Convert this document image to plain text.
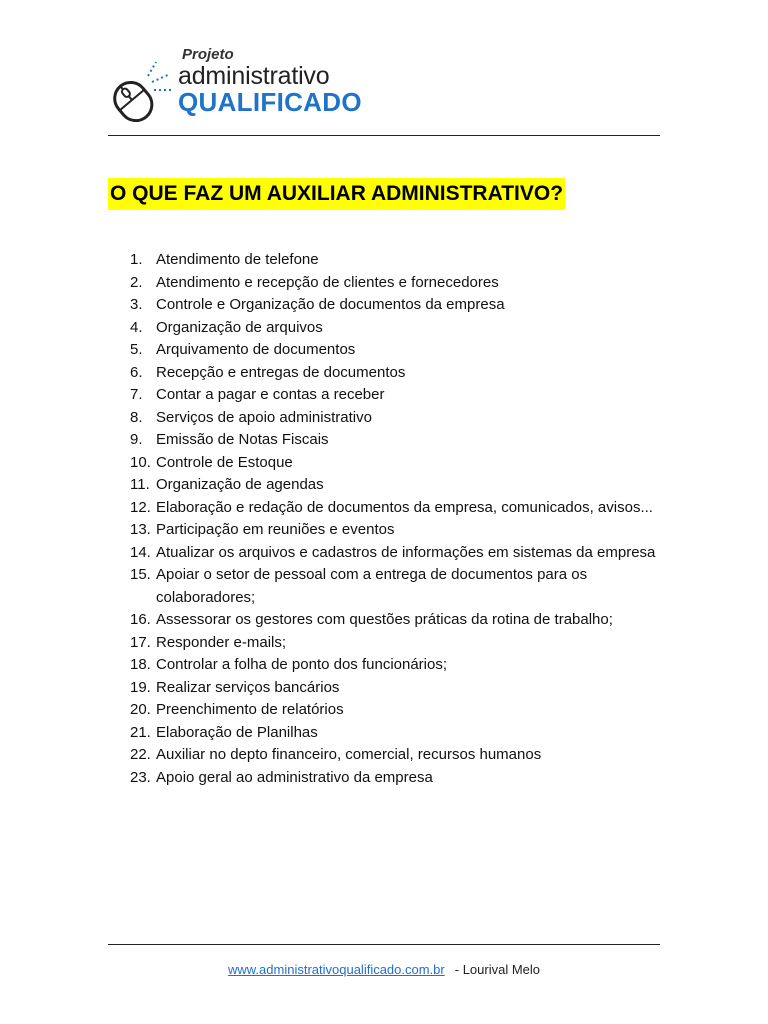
Projeto
administrativo
QUALIFICADO
O QUE FAZ UM AUXILIAR ADMINISTRATIVO?
1. Atendimento de telefone
2. Atendimento e recepção de clientes e fornecedores
3. Controle e Organização de documentos da empresa
4. Organização de arquivos
5. Arquivamento de documentos
6. Recepção e entregas de documentos
7. Contar a pagar e contas a receber
8. Serviços de apoio administrativo
9. Emissão de Notas Fiscais
10. Controle de Estoque
11. Organização de agendas
12. Elaboração e redação de documentos da empresa, comunicados, avisos...
13. Participação em reuniões e eventos
14. Atualizar os arquivos e cadastros de informações em sistemas da empresa
15. Apoiar o setor de pessoal com a entrega de documentos para os colaboradores;
16. Assessorar os gestores com questões práticas da rotina de trabalho;
17. Responder e-mails;
18. Controlar a folha de ponto dos funcionários;
19. Realizar serviços bancários
20. Preenchimento de relatórios
21. Elaboração de Planilhas
22. Auxiliar no depto financeiro, comercial, recursos humanos
23. Apoio geral ao administrativo da empresa
www.administrativoqualificado.com.br - Lourival Melo
